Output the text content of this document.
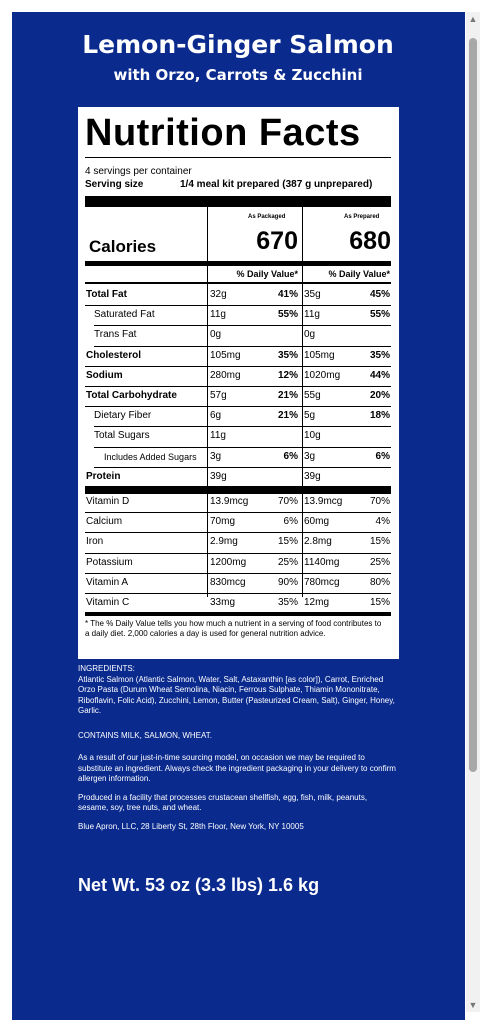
Lemon-Ginger Salmon
with Orzo, Carrots & Zucchini
Nutrition Facts
4 servings per container
Serving size	1/4 meal kit prepared (387 g unprepared)
As Packaged	As Prepared
Calories	670	680
% Daily Value*	% Daily Value*
Total Fat	32g	41% 35g	45%
Saturated Fat	11g	55% 11g	55%
Trans Fat	0g	0g
Cholesterol	105mg	35% 105mg	35%
Sodium	280mg	12% 1020mg	44%
Total Carbohydrate	57g	21% 55g	20%
Dietary Fiber	6g	21% 5g	18%
Total Sugars	11g	10g
Includes Added Sugars	3g	6% 3g	6%
Protein	39g	39g
Vitamin D	13.9mcg	70% 13.9mcg	70%
Calcium	70mg	6% 60mg	4%
Iron	2.9mg	15% 2.8mg	15%
Potassium	1200mg	25% 1140mg	25%
Vitamin A	830mcg	90% 780mcg	80%
Vitamin C	33mg	35% 12mg	15%
* The % Daily Value tells you how much a nutrient in a serving of food contributes to a daily diet. 2,000 calories a day is used for general nutrition advice.

INGREDIENTS:

Atlantic Salmon (Atlantic Salmon, Water, Salt, Astaxanthin [as color]), Carrot, Enriched Orzo Pasta (Durum Wheat Semolina, Niacin, Ferrous Sulphate, Thiamin Mononitrate, Riboflavin, Folic Acid), Zucchini, Lemon, Butter (Pasteurized Cream, Salt), Ginger, Honey, Garlic.

CONTAINS MILK, SALMON, WHEAT.

As a result of our just-in-time sourcing model, on occasion we may be required to substitute an ingredient. Always check the ingredient packaging in your delivery to confirm allergen information.

Produced in a facility that processes crustacean shellfish, egg, fish, milk, peanuts, sesame, soy, tree nuts, and wheat.

Blue Apron, LLC, 28 Liberty St, 28th Floor, New York, NY 10005

Net Wt. 53 oz (3.3 lbs) 1.6 kg
▲
▼
